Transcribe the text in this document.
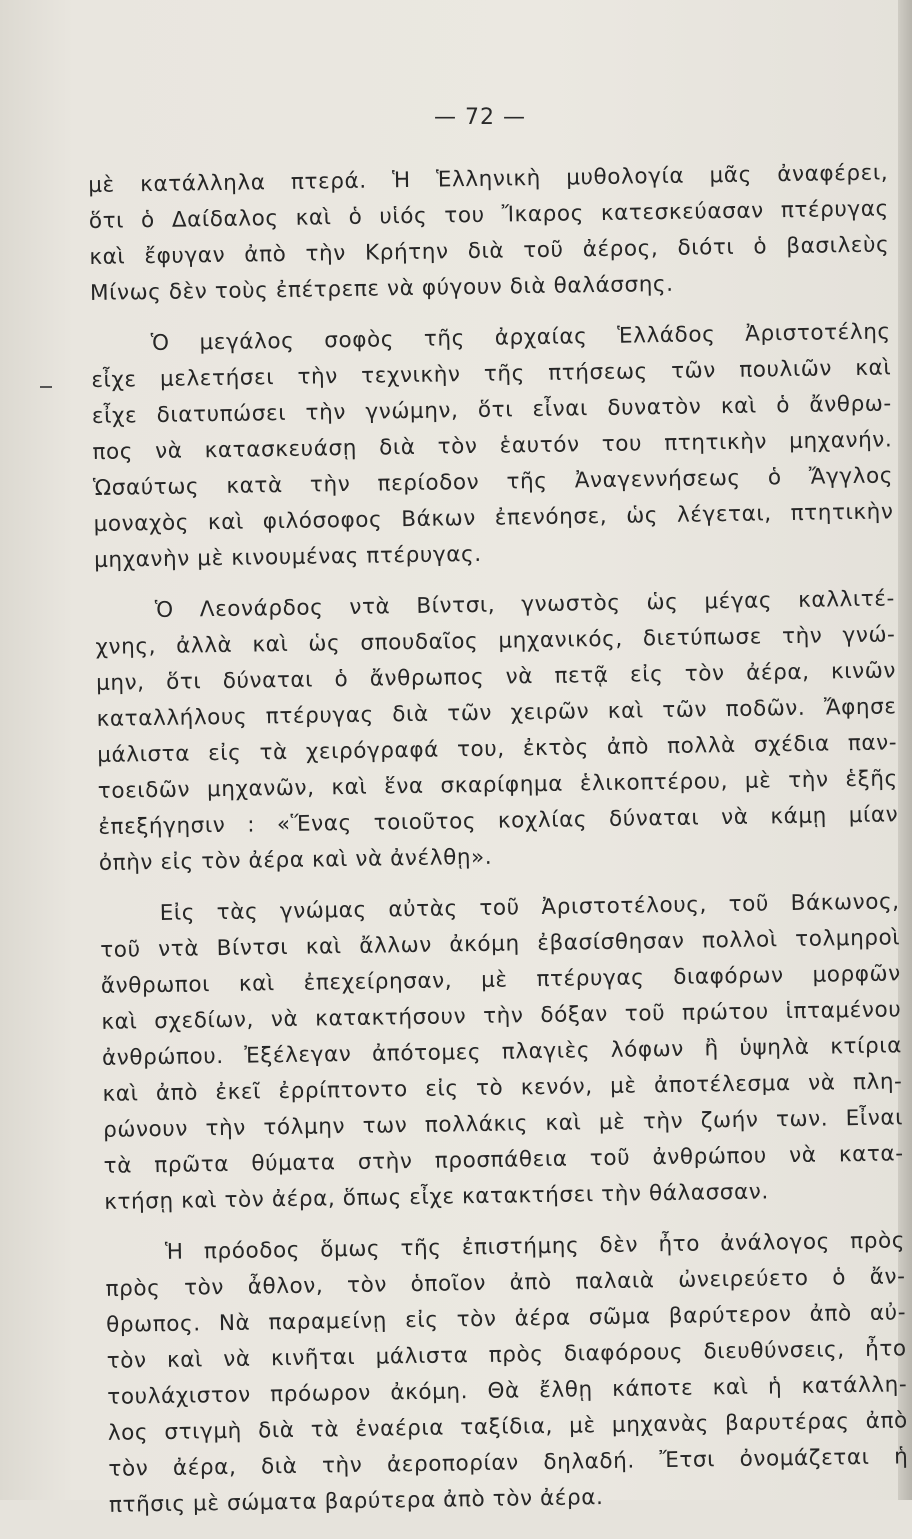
— 72 —
μὲ κατάλληλα πτερά. Ἡ Ἑλληνικὴ μυθολογία μᾶς ἀναφέρει,
ὅτι ὁ Δαίδαλος καὶ ὁ υἱός του Ἴκαρος κατεσκεύασαν πτέρυγας
καὶ ἔφυγαν ἀπὸ τὴν Κρήτην διὰ τοῦ ἀέρος, διότι ὁ βασιλεὺς
Μίνως δὲν τοὺς ἐπέτρεπε νὰ φύγουν διὰ θαλάσσης.
Ὁ μεγάλος σοφὸς τῆς ἀρχαίας Ἑλλάδος Ἀριστοτέλης
εἶχε μελετήσει τὴν τεχνικὴν τῆς πτήσεως τῶν πουλιῶν καὶ
εἶχε διατυπώσει τὴν γνώμην, ὅτι εἶναι δυνατὸν καὶ ὁ ἄνθρω-
πος νὰ κατασκευάσῃ διὰ τὸν ἑαυτόν του πτητικὴν μηχανήν.
Ὡσαύτως κατὰ τὴν περίοδον τῆς Ἀναγεννήσεως ὁ Ἄγγλος
μοναχὸς καὶ φιλόσοφος Βάκων ἐπενόησε, ὡς λέγεται, πτητικὴν
μηχανὴν μὲ κινουμένας πτέρυγας.
Ὁ Λεονάρδος ντὰ Βίντσι, γνωστὸς ὡς μέγας καλλιτέ-
χνης, ἀλλὰ καὶ ὡς σπουδαῖος μηχανικός, διετύπωσε τὴν γνώ-
μην, ὅτι δύναται ὁ ἄνθρωπος νὰ πετᾷ εἰς τὸν ἀέρα, κινῶν
καταλλήλους πτέρυγας διὰ τῶν χειρῶν καὶ τῶν ποδῶν. Ἄφησε
μάλιστα εἰς τὰ χειρόγραφά του, ἐκτὸς ἀπὸ πολλὰ σχέδια παν-
τοειδῶν μηχανῶν, καὶ ἕνα σκαρίφημα ἑλικοπτέρου, μὲ τὴν ἑξῆς
ἐπεξήγησιν : «Ἕνας τοιοῦτος κοχλίας δύναται νὰ κάμῃ μίαν
ὀπὴν εἰς τὸν ἀέρα καὶ νὰ ἀνέλθῃ».
Εἰς τὰς γνώμας αὐτὰς τοῦ Ἀριστοτέλους, τοῦ Βάκωνος,
τοῦ ντὰ Βίντσι καὶ ἄλλων ἀκόμη ἐβασίσθησαν πολλοὶ τολμηροὶ
ἄνθρωποι καὶ ἐπεχείρησαν, μὲ πτέρυγας διαφόρων μορφῶν
καὶ σχεδίων, νὰ κατακτήσουν τὴν δόξαν τοῦ πρώτου ἱπταμένου
ἀνθρώπου. Ἐξέλεγαν ἀπότομες πλαγιὲς λόφων ἢ ὑψηλὰ κτίρια
καὶ ἀπὸ ἐκεῖ ἐρρίπτοντο εἰς τὸ κενόν, μὲ ἀποτέλεσμα νὰ πλη-
ρώνουν τὴν τόλμην των πολλάκις καὶ μὲ τὴν ζωήν των. Εἶναι
τὰ πρῶτα θύματα στὴν προσπάθεια τοῦ ἀνθρώπου νὰ κατα-
κτήσῃ καὶ τὸν ἀέρα, ὅπως εἶχε κατακτήσει τὴν θάλασσαν.
Ἡ πρόοδος ὅμως τῆς ἐπιστήμης δὲν ἦτο ἀνάλογος πρὸς
πρὸς τὸν ἆθλον, τὸν ὁποῖον ἀπὸ παλαιὰ ὠνειρεύετο ὁ ἄν-
θρωπος. Νὰ παραμείνῃ εἰς τὸν ἀέρα σῶμα βαρύτερον ἀπὸ αὐ-
τὸν καὶ νὰ κινῆται μάλιστα πρὸς διαφόρους διευθύνσεις, ἦτο
τουλάχιστον πρόωρον ἀκόμη. Θὰ ἔλθῃ κάποτε καὶ ἡ κατάλλη-
λος στιγμὴ διὰ τὰ ἐναέρια ταξίδια, μὲ μηχανὰς βαρυτέρας ἀπὸ
τὸν ἀέρα, διὰ τὴν ἀεροπορίαν δηλαδή. Ἔτσι ὀνομάζεται ἡ
πτῆσις μὲ σώματα βαρύτερα ἀπὸ τὸν ἀέρα.
